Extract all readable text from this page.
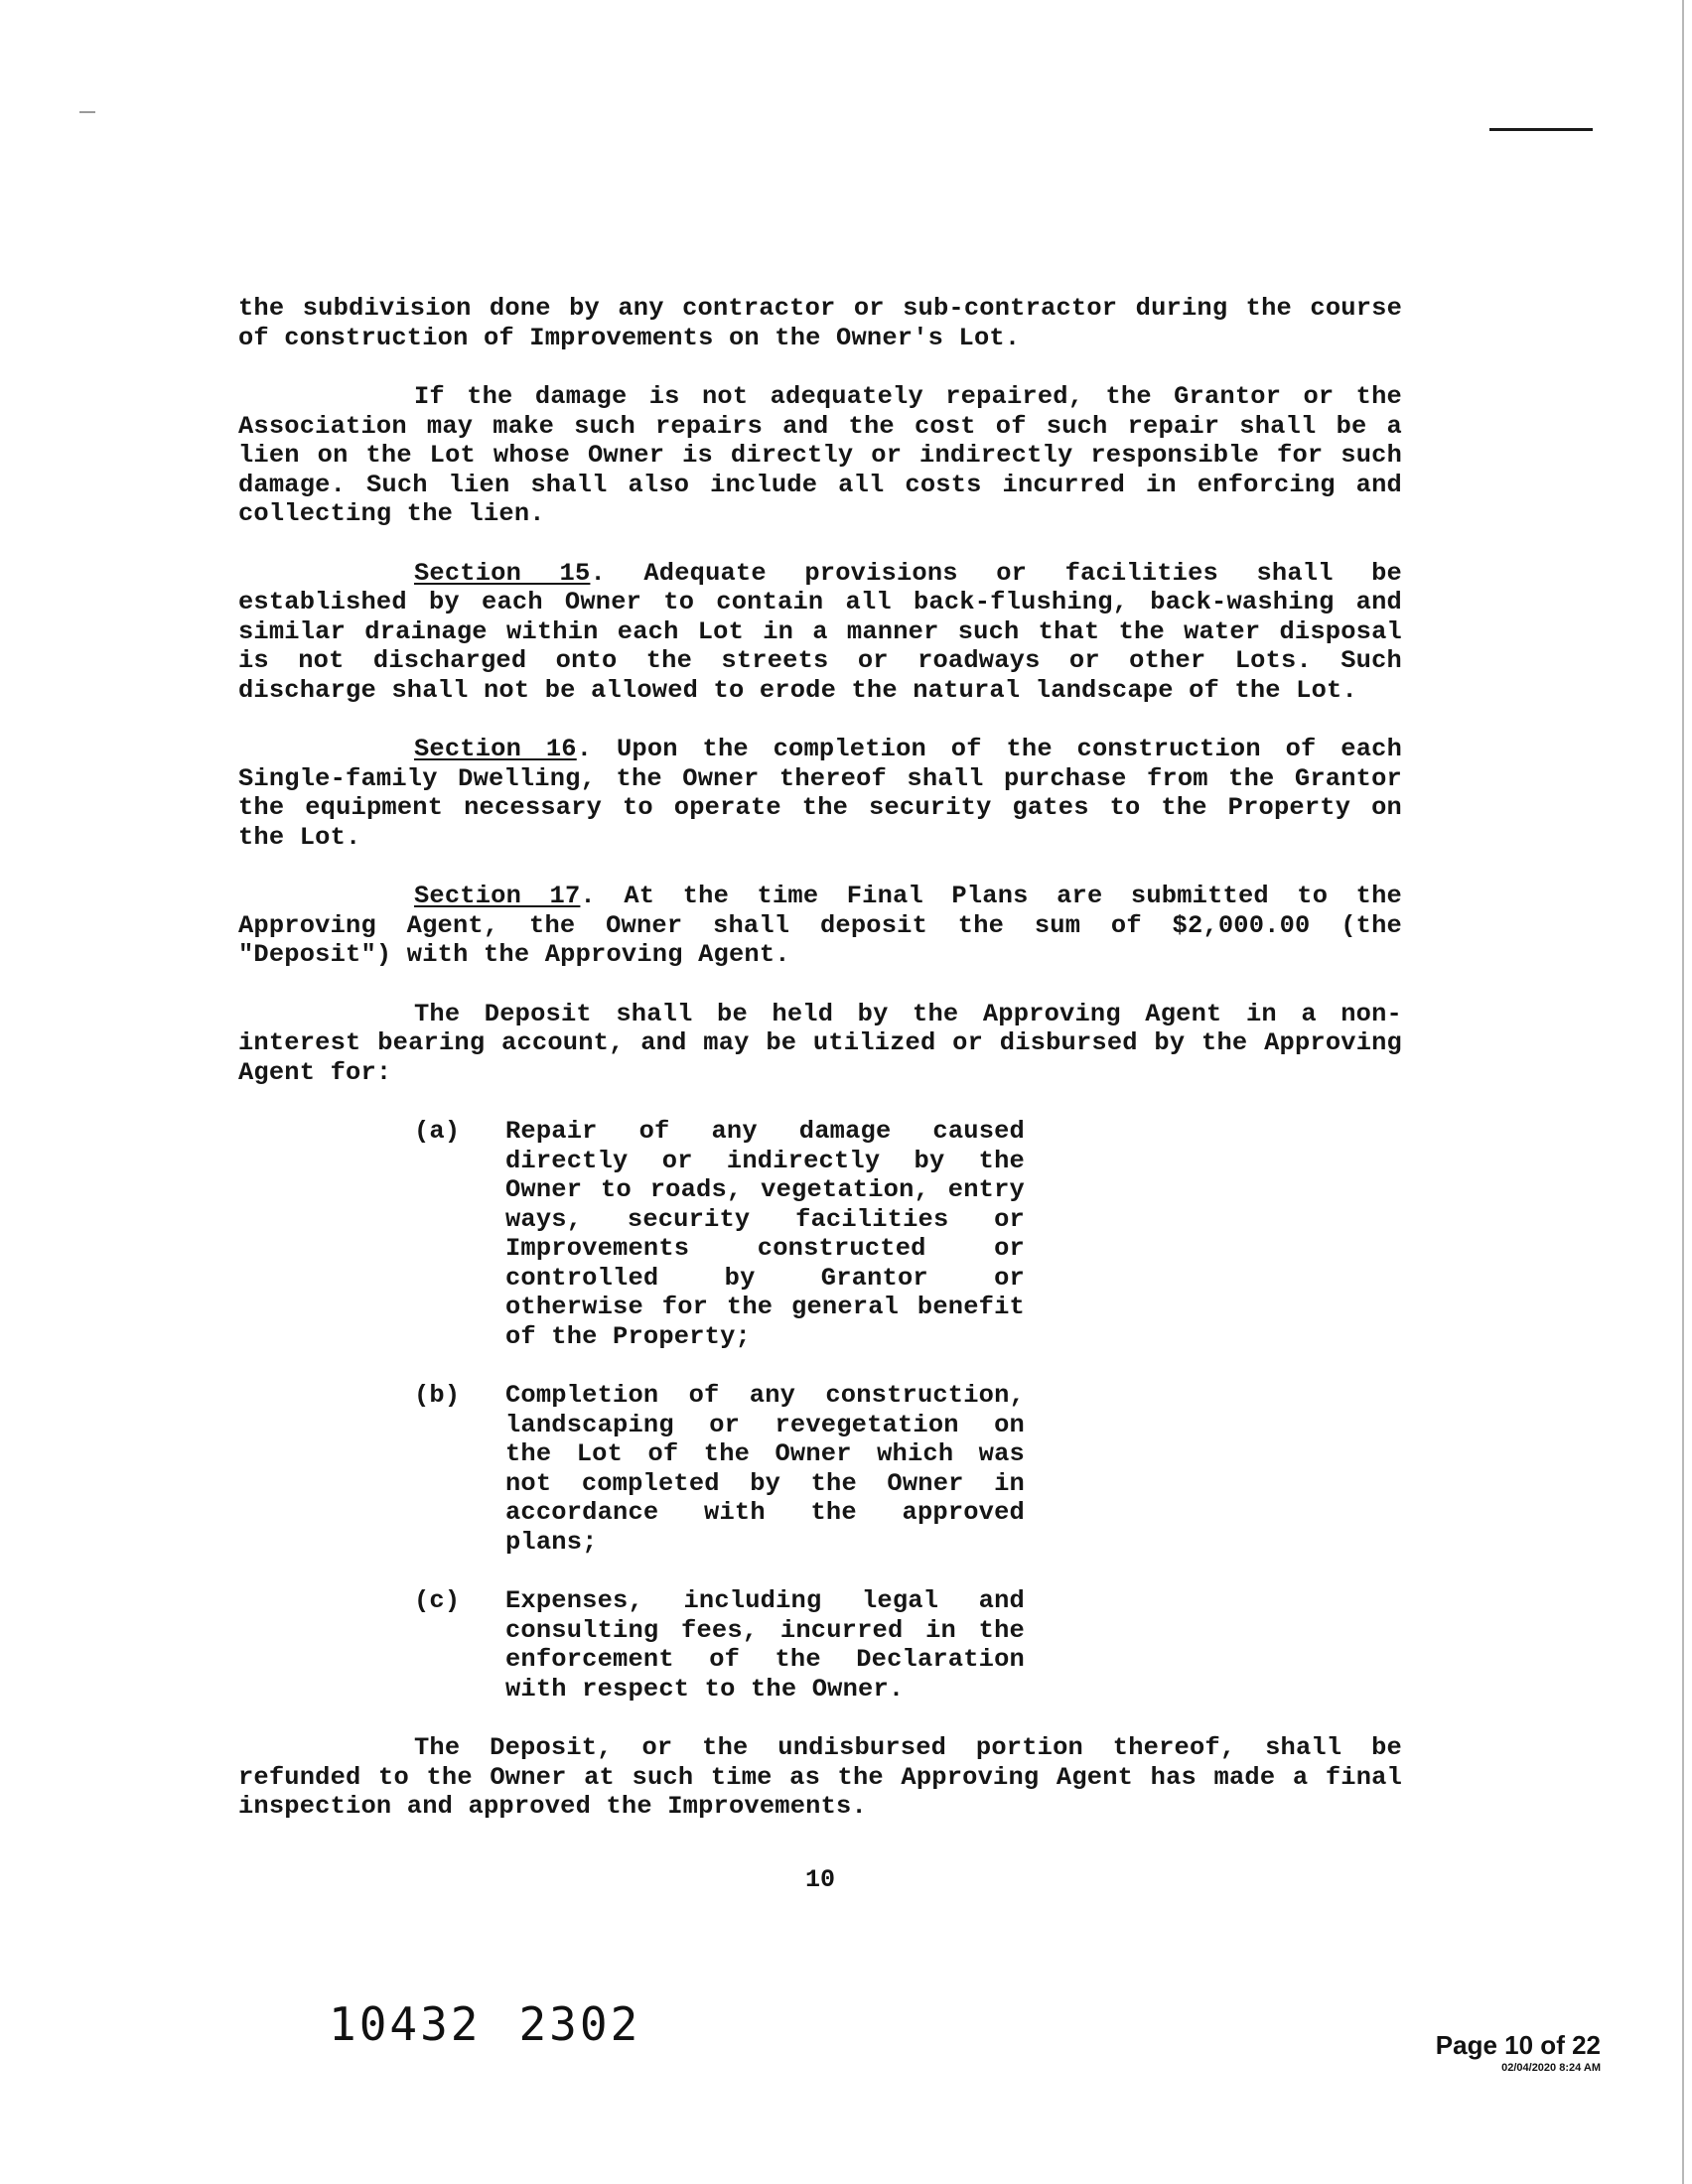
the subdivision done by any contractor or sub-contractor during the course of construction of Improvements on the Owner's Lot.

If the damage is not adequately repaired, the Grantor or the Association may make such repairs and the cost of such repair shall be a lien on the Lot whose Owner is directly or indirectly responsible for such damage. Such lien shall also include all costs incurred in enforcing and collecting the lien.

Section 15. Adequate provisions or facilities shall be established by each Owner to contain all back-flushing, back-washing and similar drainage within each Lot in a manner such that the water disposal is not discharged onto the streets or roadways or other Lots. Such discharge shall not be allowed to erode the natural landscape of the Lot.

Section 16. Upon the completion of the construction of each Single-family Dwelling, the Owner thereof shall purchase from the Grantor the equipment necessary to operate the security gates to the Property on the Lot.

Section 17. At the time Final Plans are submitted to the Approving Agent, the Owner shall deposit the sum of $2,000.00 (the "Deposit") with the Approving Agent.

The Deposit shall be held by the Approving Agent in a non-interest bearing account, and may be utilized or disbursed by the Approving Agent for:

(a) Repair of any damage caused directly or indirectly by the Owner to roads, vegetation, entry ways, security facilities or Improvements constructed or controlled by Grantor or otherwise for the general benefit of the Property;
(b) Completion of any construction, landscaping or revegetation on the Lot of the Owner which was not completed by the Owner in accordance with the approved plans;
(c) Expenses, including legal and consulting fees, incurred in the enforcement of the Declaration with respect to the Owner.

The Deposit, or the undisbursed portion thereof, shall be refunded to the Owner at such time as the Approving Agent has made a final inspection and approved the Improvements.

10
10432 2302	Page 10 of 22
02/04/2020 8:24 AM
